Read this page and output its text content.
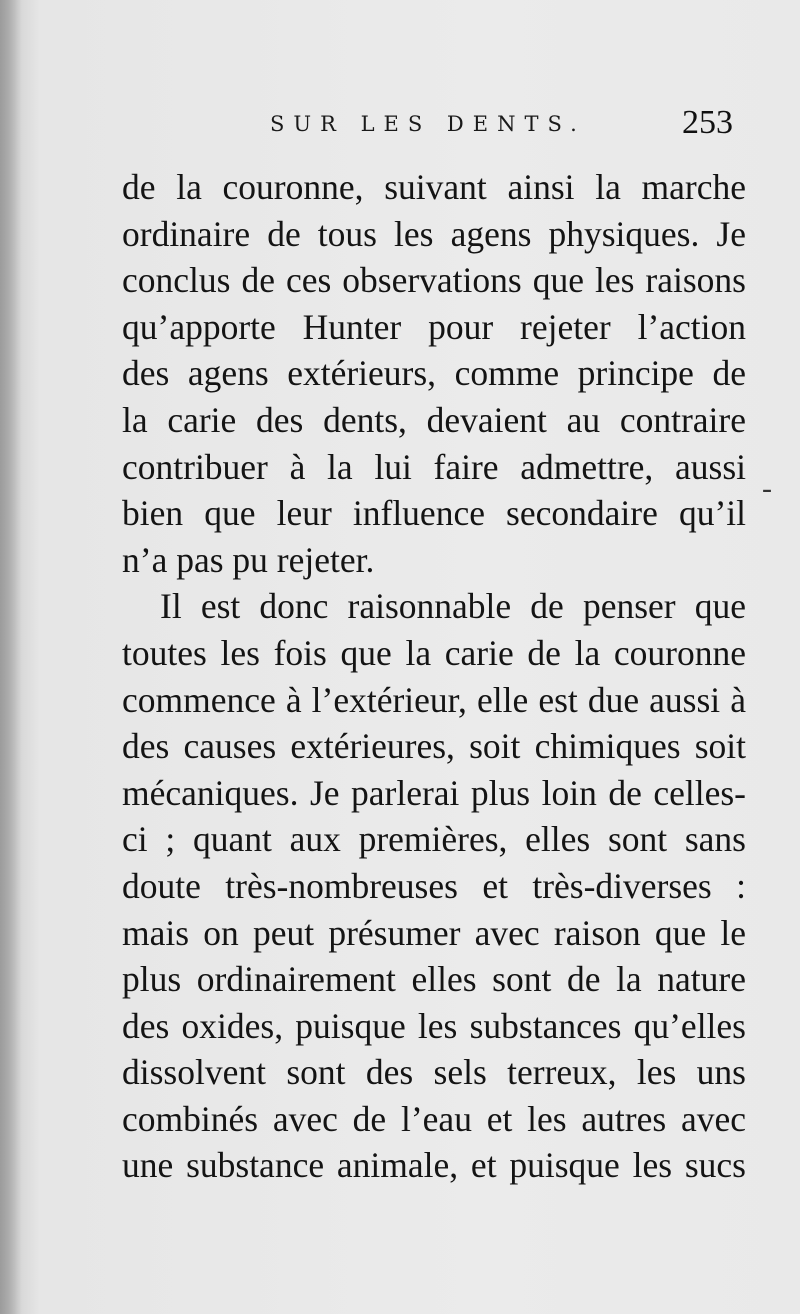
SUR LES DENTS.	253
de la couronne, suivant ainsi la marche
ordinaire de tous les agens physiques. Je
conclus de ces observations que les raisons
qu’apporte Hunter pour rejeter l’action
des agens extérieurs, comme principe de
la carie des dents, devaient au contraire
contribuer à la lui faire admettre, aussi
bien que leur influence secondaire qu’il
n’a pas pu rejeter.
Il est donc raisonnable de penser que
toutes les fois que la carie de la couronne
commence à l’extérieur, elle est due aussi à
des causes extérieures, soit chimiques soit
mécaniques. Je parlerai plus loin de celles-
ci ; quant aux premières, elles sont sans
doute très-nombreuses et très-diverses :
mais on peut présumer avec raison que le
plus ordinairement elles sont de la nature
des oxides, puisque les substances qu’elles
dissolvent sont des sels terreux, les uns
combinés avec de l’eau et les autres avec
une substance animale, et puisque les sucs
-
